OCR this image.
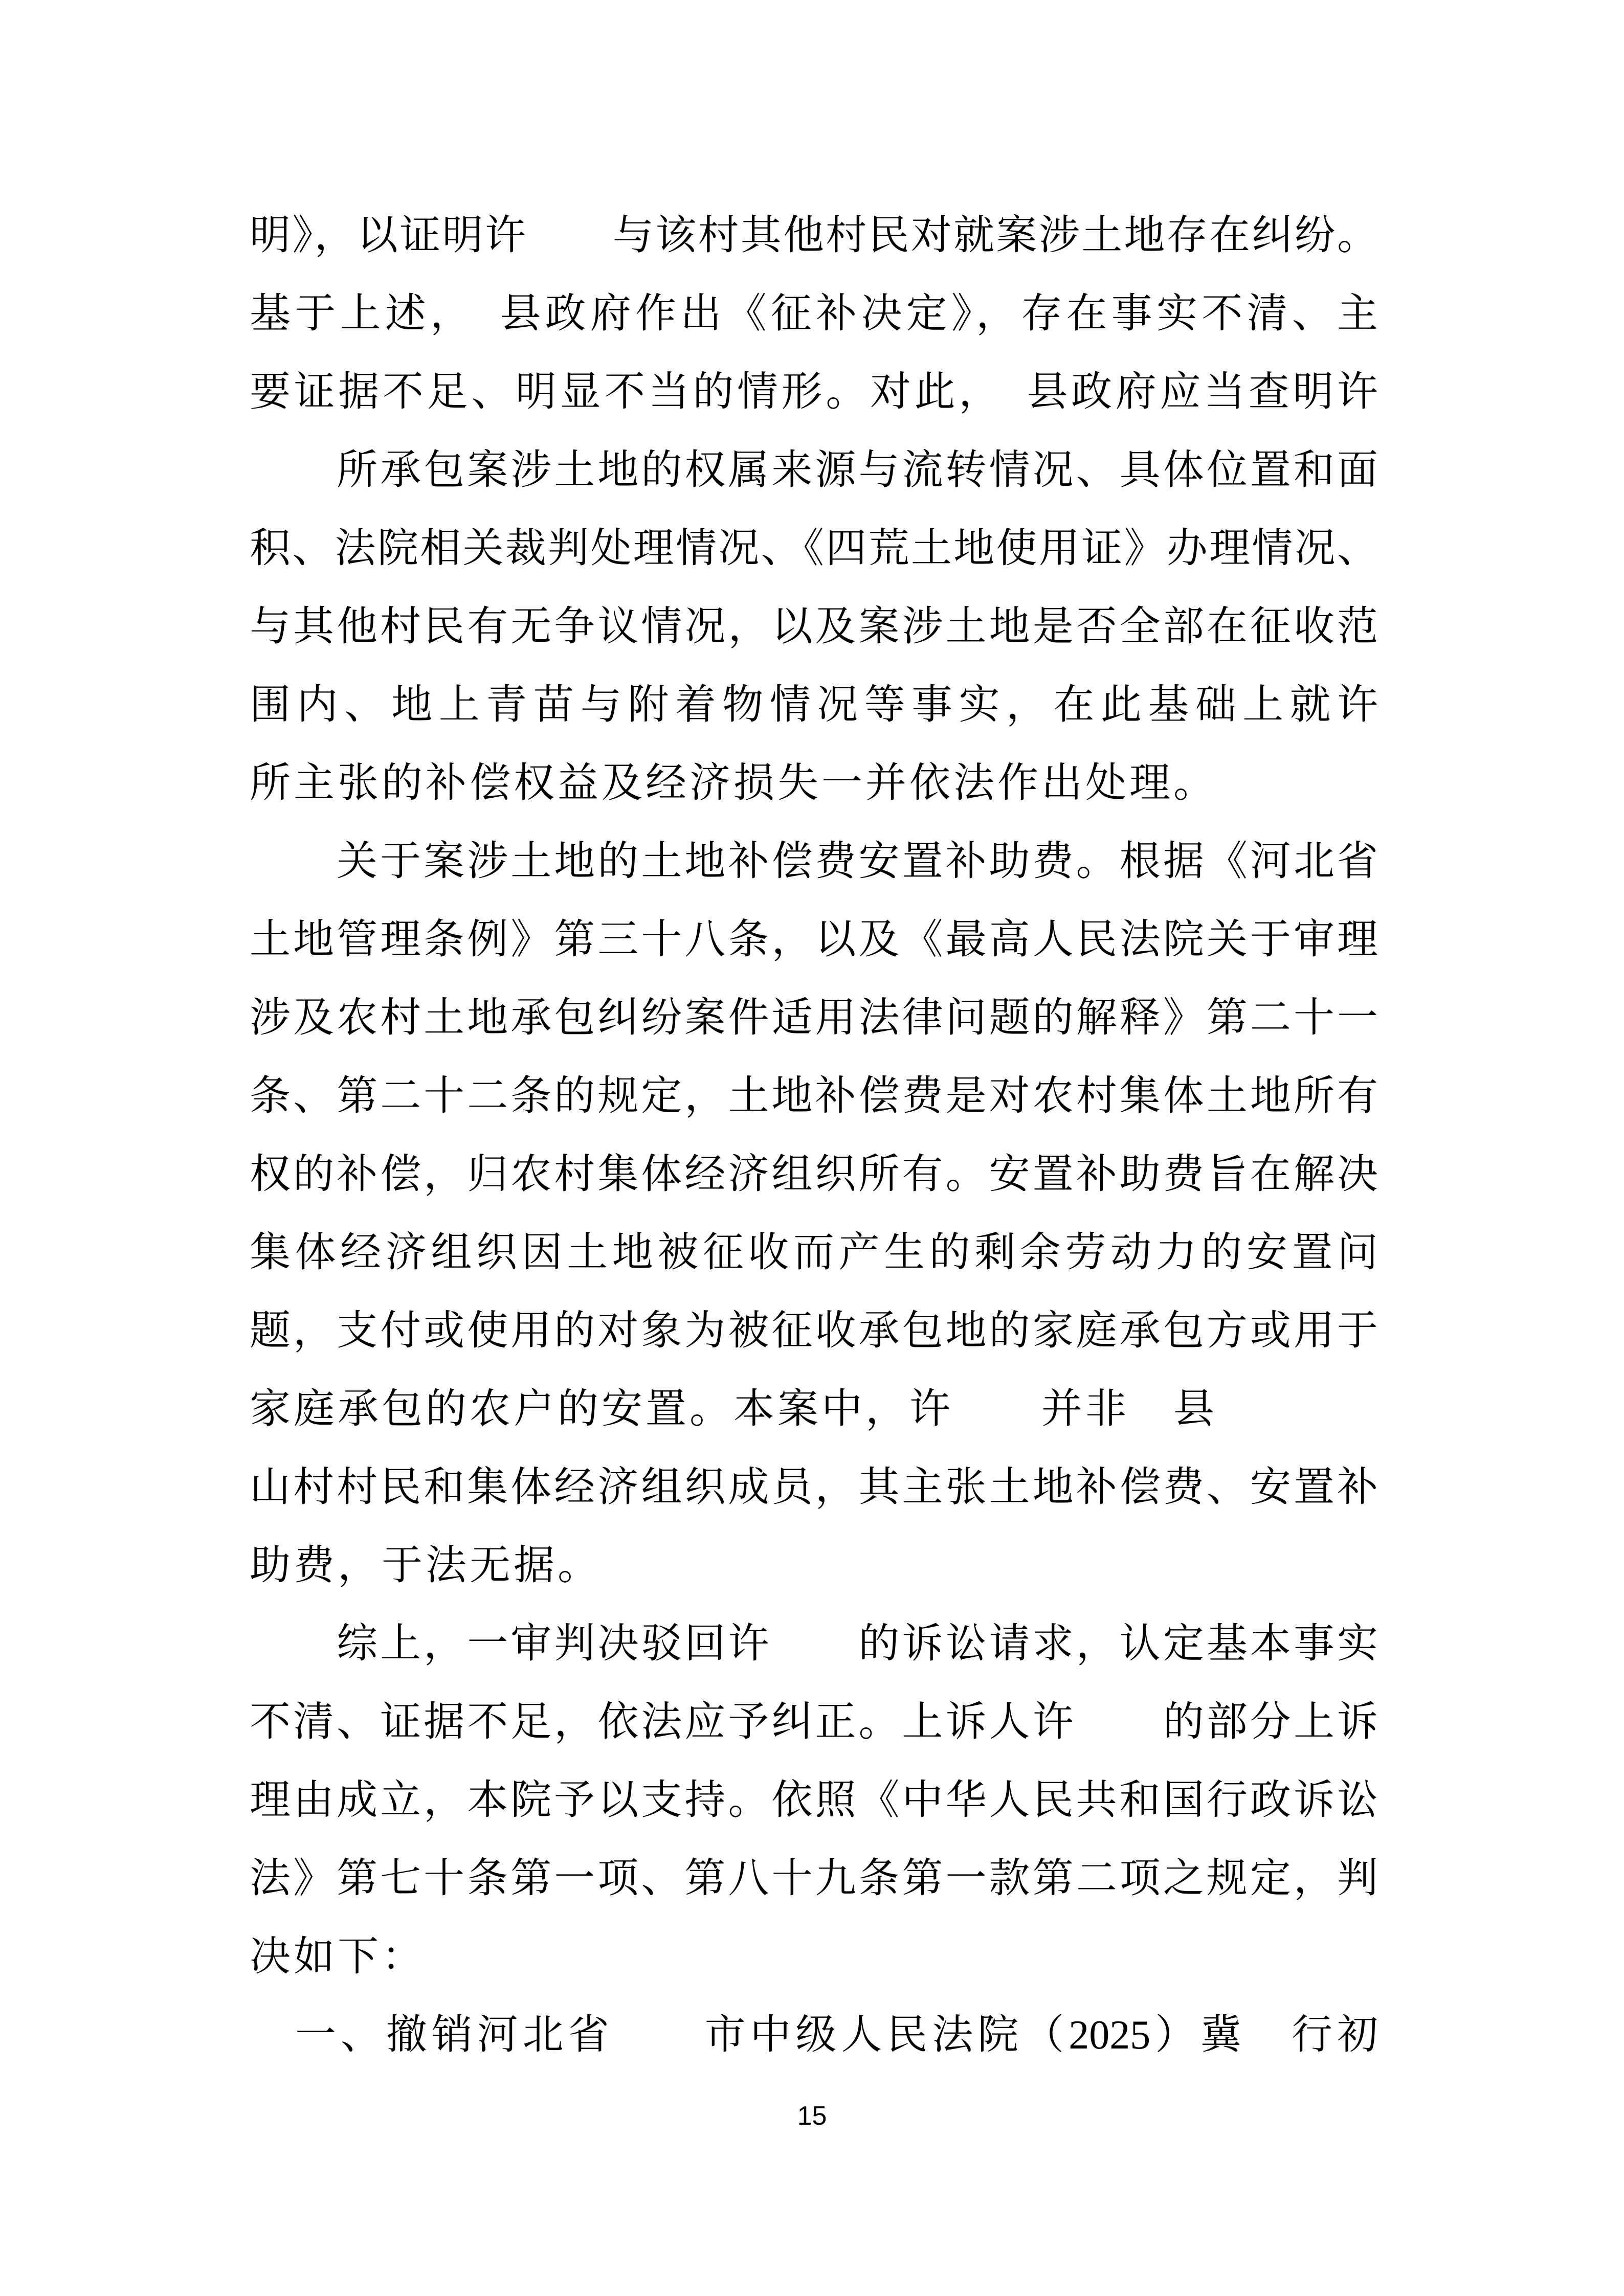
明》，以证明许　　与该村其他村民对就案涉土地存在纠纷。
基于上述，　县政府作出《征补决定》，存在事实不清、主
要证据不足、明显不当的情形。对此，　县政府应当查明许
　　所承包案涉土地的权属来源与流转情况、具体位置和面
积、法院相关裁判处理情况、《四荒土地使用证》办理情况、
与其他村民有无争议情况，以及案涉土地是否全部在征收范
围内、地上青苗与附着物情况等事实，在此基础上就许
所主张的补偿权益及经济损失一并依法作出处理。
　　关于案涉土地的土地补偿费安置补助费。根据《河北省
土地管理条例》第三十八条，以及《最高人民法院关于审理
涉及农村土地承包纠纷案件适用法律问题的解释》第二十一
条、第二十二条的规定，土地补偿费是对农村集体土地所有
权的补偿，归农村集体经济组织所有。安置补助费旨在解决
集体经济组织因土地被征收而产生的剩余劳动力的安置问
题，支付或使用的对象为被征收承包地的家庭承包方或用于
家庭承包的农户的安置。本案中，许　　并非　县
山村村民和集体经济组织成员，其主张土地补偿费、安置补
助费，于法无据。
　　综上，一审判决驳回许　　的诉讼请求，认定基本事实
不清、证据不足，依法应予纠正。上诉人许　　的部分上诉
理由成立，本院予以支持。依照《中华人民共和国行政诉讼
法》第七十条第一项、第八十九条第一款第二项之规定，判
决如下：
　一、撤销河北省　　市中级人民法院（2025）冀　行初
15
